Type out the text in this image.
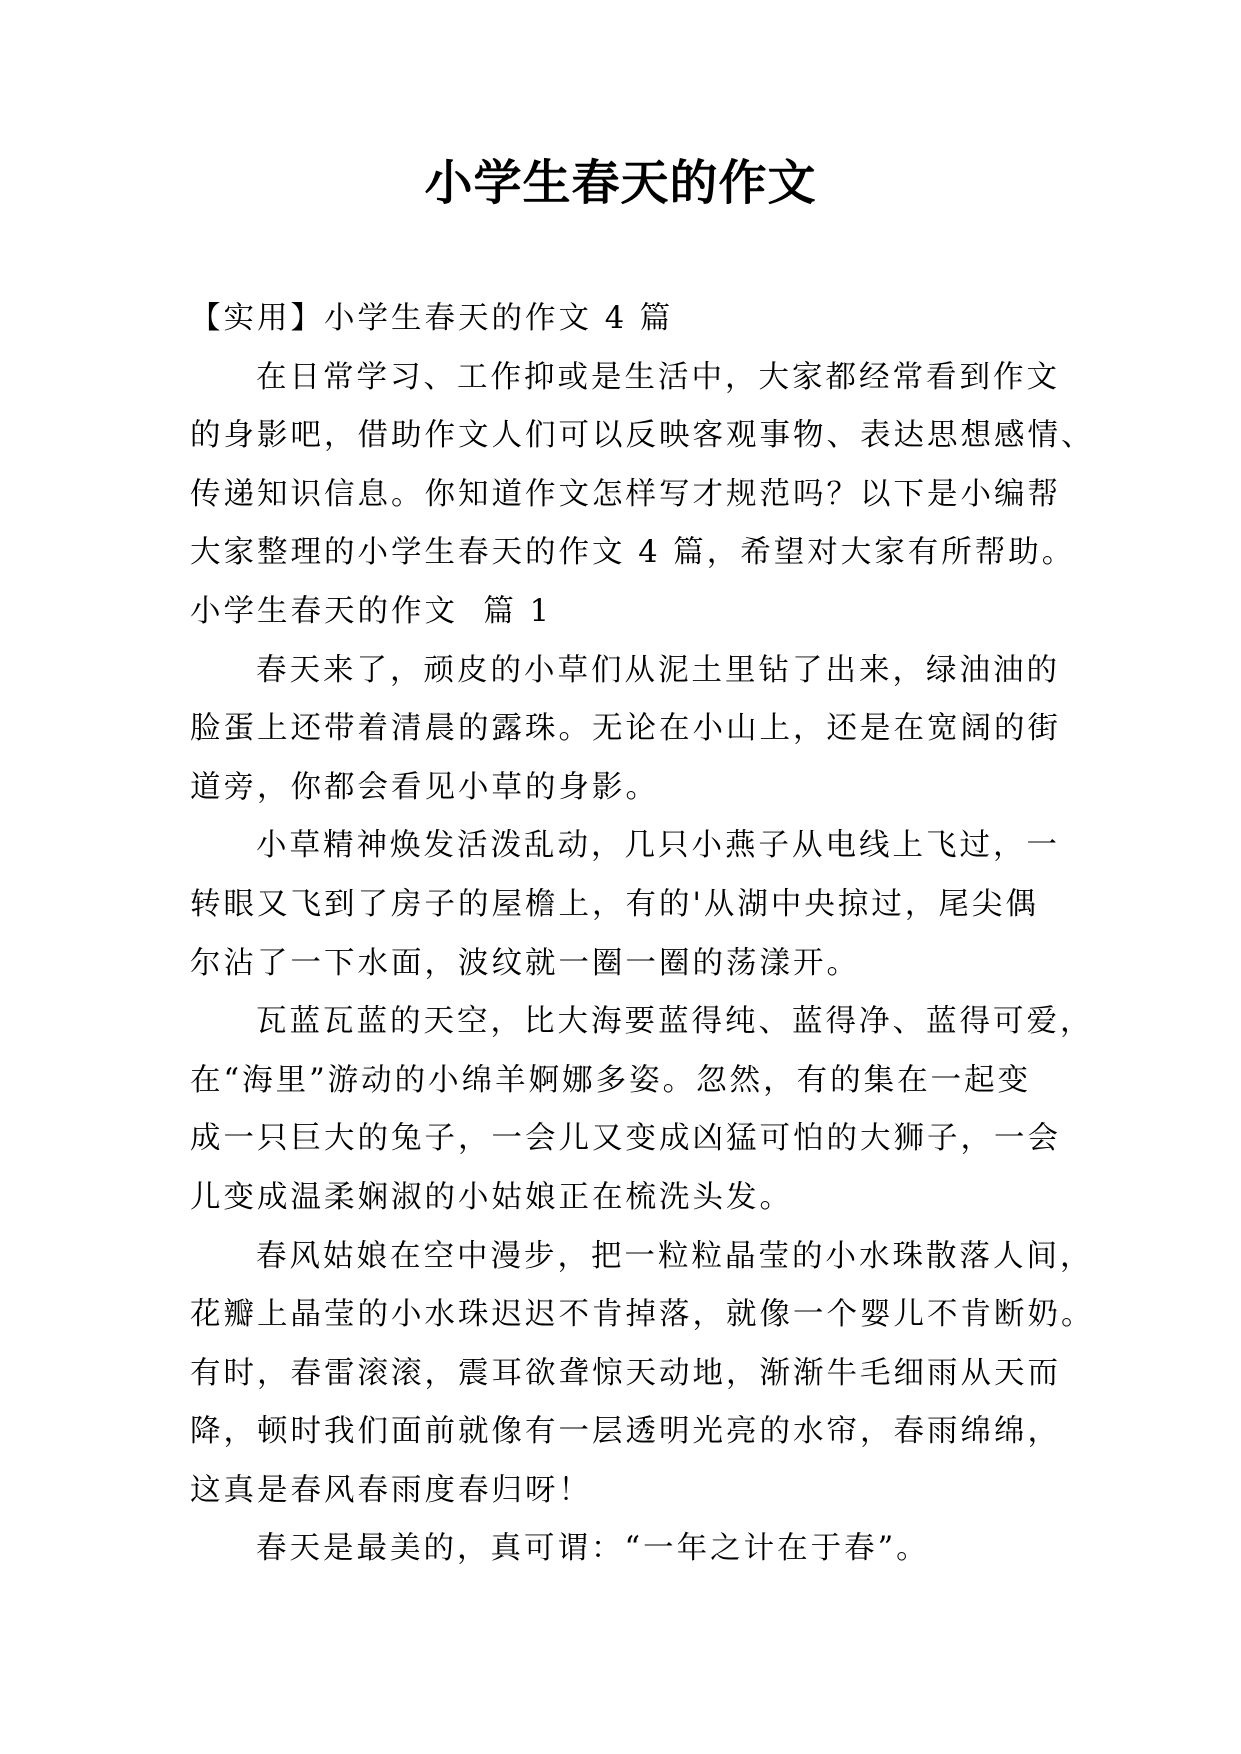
小学生春天的作文
【实用】小学生春天的作文 4 篇
在日常学习、工作抑或是生活中，大家都经常看到作文
的身影吧，借助作文人们可以反映客观事物、表达思想感情、
传递知识信息。你知道作文怎样写才规范吗？以下是小编帮
大家整理的小学生春天的作文 4 篇，希望对大家有所帮助。
小学生春天的作文  篇 1
春天来了，顽皮的小草们从泥土里钻了出来，绿油油的
脸蛋上还带着清晨的露珠。无论在小山上，还是在宽阔的街
道旁，你都会看见小草的身影。
小草精神焕发活泼乱动，几只小燕子从电线上飞过，一
转眼又飞到了房子的屋檐上，有的'从湖中央掠过，尾尖偶
尔沾了一下水面，波纹就一圈一圈的荡漾开。
瓦蓝瓦蓝的天空，比大海要蓝得纯、蓝得净、蓝得可爱，
在“海里”游动的小绵羊婀娜多姿。忽然，有的集在一起变
成一只巨大的兔子，一会儿又变成凶猛可怕的大狮子，一会
儿变成温柔娴淑的小姑娘正在梳洗头发。
春风姑娘在空中漫步，把一粒粒晶莹的小水珠散落人间，
花瓣上晶莹的小水珠迟迟不肯掉落，就像一个婴儿不肯断奶。
有时，春雷滚滚，震耳欲聋惊天动地，渐渐牛毛细雨从天而
降，顿时我们面前就像有一层透明光亮的水帘，春雨绵绵，
这真是春风春雨度春归呀！
春天是最美的，真可谓：“一年之计在于春”。
